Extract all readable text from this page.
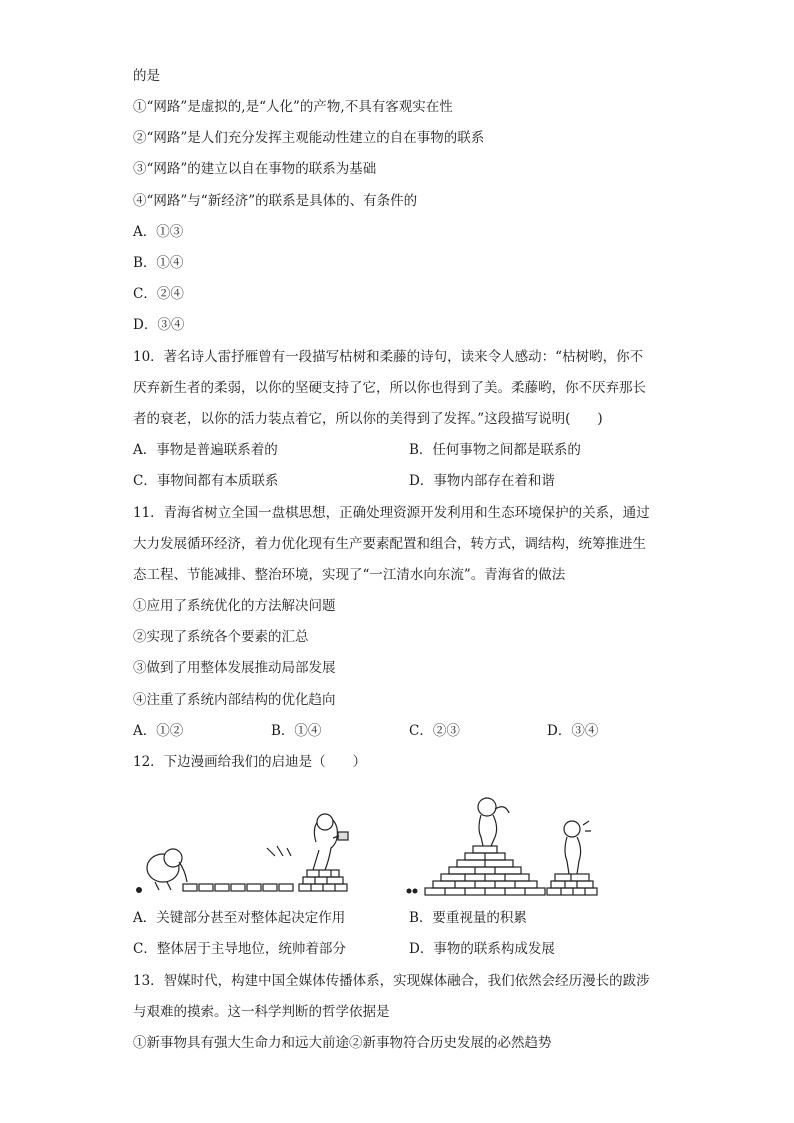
的是
①“网路”是虚拟的,是“人化”的产物,不具有客观实在性
②“网路”是人们充分发挥主观能动性建立的自在事物的联系
③“网路”的建立以自在事物的联系为基础
④“网路”与“新经济”的联系是具体的、有条件的
A．①③
B．①④
C．②④
D．③④
10．著名诗人雷抒雁曾有一段描写枯树和柔藤的诗句，读来令人感动：“枯树哟，你不
厌弃新生者的柔弱，以你的坚硬支持了它，所以你也得到了美。柔藤哟，你不厌弃那长
者的衰老，以你的活力装点着它，所以你的美得到了发挥。”这段描写说明(　　)
A．事物是普遍联系着的	B．任何事物之间都是联系的
C．事物间都有本质联系	D．事物内部存在着和谐
11．青海省树立全国一盘棋思想，正确处理资源开发利用和生态环境保护的关系，通过
大力发展循环经济，着力优化现有生产要素配置和组合，转方式，调结构，统筹推进生
态工程、节能减排、整治环境，实现了“一江清水向东流”。青海省的做法
①应用了系统优化的方法解决问题
②实现了系统各个要素的汇总
③做到了用整体发展推动局部发展
④注重了系统内部结构的优化趋向
A．①②	B．①④	C．②③	D．③④
12．下边漫画给我们的启迪是（　　）
A．关键部分甚至对整体起决定作用	B．要重视量的积累
C．整体居于主导地位，统帅着部分	D．事物的联系构成发展
13．智媒时代，构建中国全媒体传播体系，实现媒体融合，我们依然会经历漫长的跋涉
与艰难的摸索。这一科学判断的哲学依据是
①新事物具有强大生命力和远大前途②新事物符合历史发展的必然趋势
